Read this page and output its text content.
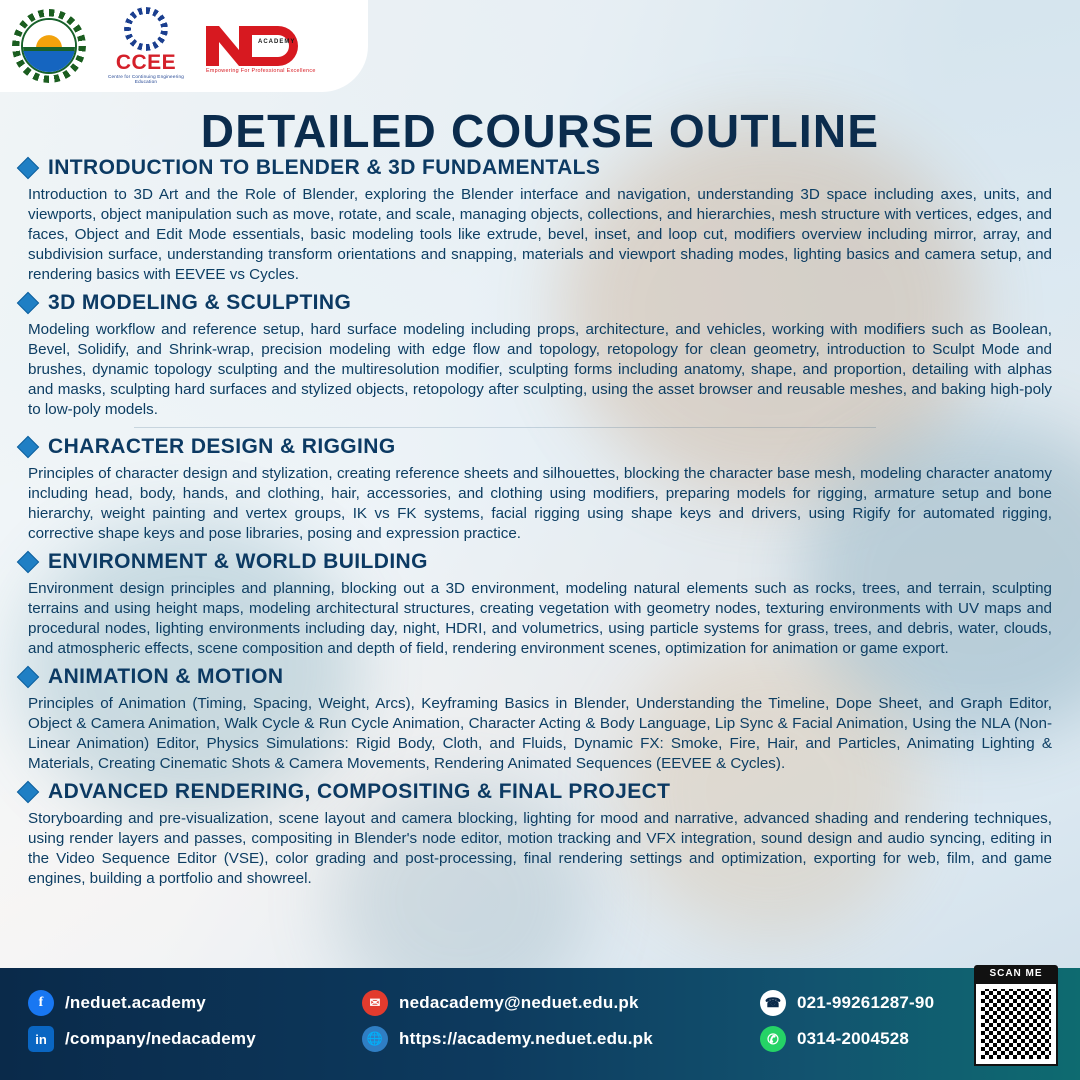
CCEE
Centre for Continuing Engineering Education
ACADEMY
Empowering For Professional Excellence
DETAILED COURSE OUTLINE
INTRODUCTION TO BLENDER & 3D FUNDAMENTALS
Introduction to 3D Art and the Role of Blender, exploring the Blender interface and navigation, understanding 3D space including axes, units, and viewports, object manipulation such as move, rotate, and scale, managing objects, collections, and hierarchies, mesh structure with vertices, edges, and faces, Object and Edit Mode essentials, basic modeling tools like extrude, bevel, inset, and loop cut, modifiers overview including mirror, array, and subdivision surface, understanding transform orientations and snapping, materials and viewport shading modes, lighting basics and camera setup, and rendering basics with EEVEE vs Cycles.
3D MODELING & SCULPTING
Modeling workflow and reference setup, hard surface modeling including props, architecture, and vehicles, working with modifiers such as Boolean, Bevel, Solidify, and Shrink-wrap, precision modeling with edge flow and topology, retopology for clean geometry, introduction to Sculpt Mode and brushes, dynamic topology sculpting and the multiresolution modifier, sculpting forms including anatomy, shape, and proportion, detailing with alphas and masks, sculpting hard surfaces and stylized objects, retopology after sculpting, using the asset browser and reusable meshes, and baking high-poly to low-poly models.
CHARACTER DESIGN & RIGGING
Principles of character design and stylization, creating reference sheets and silhouettes, blocking the character base mesh, modeling character anatomy including head, body, hands, and clothing, hair, accessories, and clothing using modifiers, preparing models for rigging, armature setup and bone hierarchy, weight painting and vertex groups, IK vs FK systems, facial rigging using shape keys and drivers, using Rigify for automated rigging, corrective shape keys and pose libraries, posing and expression practice.
ENVIRONMENT & WORLD BUILDING
Environment design principles and planning, blocking out a 3D environment, modeling natural elements such as rocks, trees, and terrain, sculpting terrains and using height maps, modeling architectural structures, creating vegetation with geometry nodes, texturing environments with UV maps and procedural nodes, lighting environments including day, night, HDRI, and volumetrics, using particle systems for grass, trees, and debris, water, clouds, and atmospheric effects, scene composition and depth of field, rendering environment scenes, optimization for animation or game export.
ANIMATION & MOTION
Principles of Animation (Timing, Spacing, Weight, Arcs), Keyframing Basics in Blender, Understanding the Timeline, Dope Sheet, and Graph Editor, Object & Camera Animation, Walk Cycle & Run Cycle Animation, Character Acting & Body Language, Lip Sync & Facial Animation, Using the NLA (Non-Linear Animation) Editor, Physics Simulations: Rigid Body, Cloth, and Fluids, Dynamic FX: Smoke, Fire, Hair, and Particles, Animating Lighting & Materials, Creating Cinematic Shots & Camera Movements, Rendering Animated Sequences (EEVEE & Cycles).
ADVANCED RENDERING, COMPOSITING & FINAL PROJECT
Storyboarding and pre-visualization, scene layout and camera blocking, lighting for mood and narrative, advanced shading and rendering techniques, using render layers and passes, compositing in Blender's node editor, motion tracking and VFX integration, sound design and audio syncing, editing in the Video Sequence Editor (VSE), color grading and post-processing, final rendering settings and optimization, exporting for web, film, and game engines, building a portfolio and showreel.
f	/neduet.academy
in	/company/nedacademy
✉	nedacademy@neduet.edu.pk
🌐 https://academy.neduet.edu.pk
☎ 021-99261287-90
✆	0314-2004528
SCAN ME
